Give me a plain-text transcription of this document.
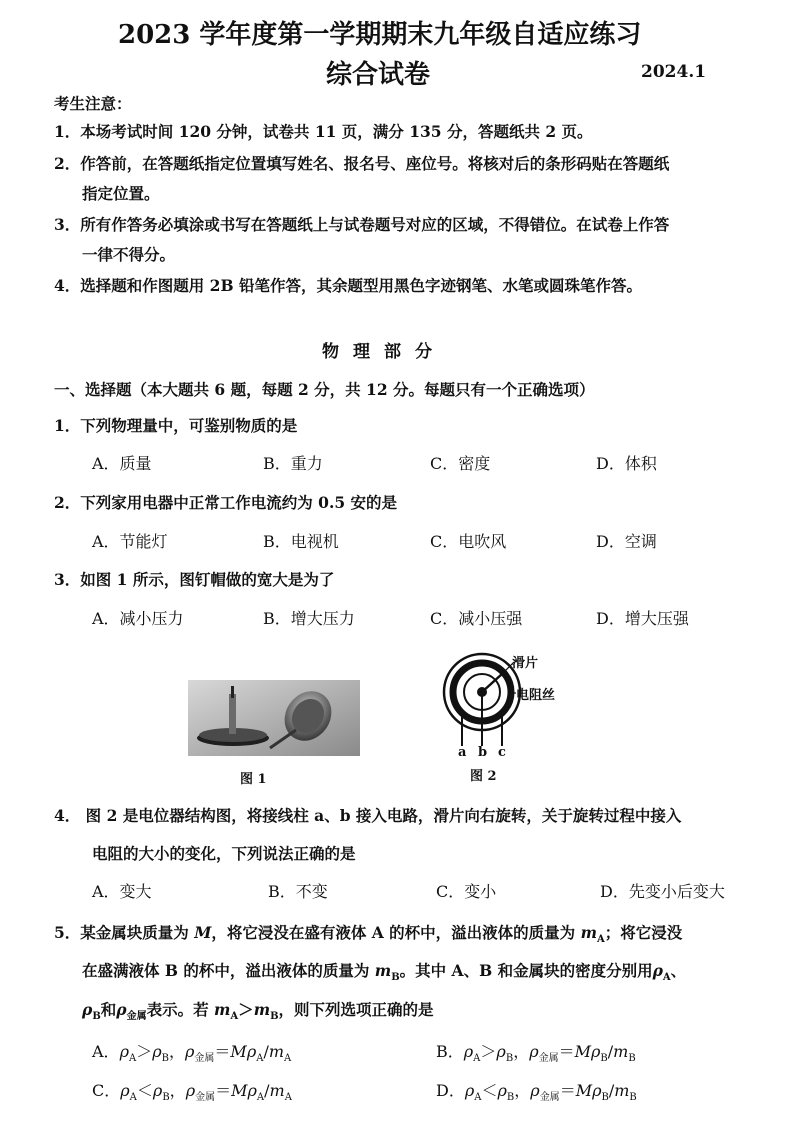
2023 学年度第一学期期末九年级自适应练习
综合试卷	2024.1
考生注意：
1．本场考试时间 120 分钟，试卷共 11 页，满分 135 分，答题纸共 2 页。
2．作答前，在答题纸指定位置填写姓名、报名号、座位号。将核对后的条形码贴在答题纸
指定位置。
3．所有作答务必填涂或书写在答题纸上与试卷题号对应的区域，不得错位。在试卷上作答
一律不得分。
4．选择题和作图题用 2B 铅笔作答，其余题型用黑色字迹钢笔、水笔或圆珠笔作答。
物理部分
一、选择题（本大题共 6 题，每题 2 分，共 12 分。每题只有一个正确选项）
1．下列物理量中，可鉴别物质的是
A．质量	B．重力	C．密度	D．体积
2．下列家用电器中正常工作电流约为 0.5 安的是
A．节能灯	B．电视机	C．电吹风	D．空调
3．如图 1 所示，图钉帽做的宽大是为了
A．减小压力	B．增大压力	C．减小压强	D．增大压强
图 1
滑片
电阻丝
a b c
图 2
4． 图 2 是电位器结构图，将接线柱 a、b 接入电路，滑片向右旋转，关于旋转过程中接入
电阻的大小的变化，下列说法正确的是
A．变大	B．不变	C．变小	D．先变小后变大
5．某金属块质量为 M，将它浸没在盛有液体 A 的杯中，溢出液体的质量为 $m_A$；将它浸没
在盛满液体 B 的杯中，溢出液体的质量为 $m_B$。其中 A、B 和金属块的密度分别用$\rho_A$、
$\rho_B$和$\rho_{金属}$表示。若 $m_A>m_B$，则下列选项正确的是
A．$\rho_A>\rho_B$，$\rho_{金属}=M\rho_A/m_A$	B．$\rho_A>\rho_B$，$\rho_{金属}=M\rho_B/m_B$
C．$\rho_A<\rho_B$，$\rho_{金属}=M\rho_A/m_A$	D．$\rho_A<\rho_B$，$\rho_{金属}=M\rho_B/m_B$
